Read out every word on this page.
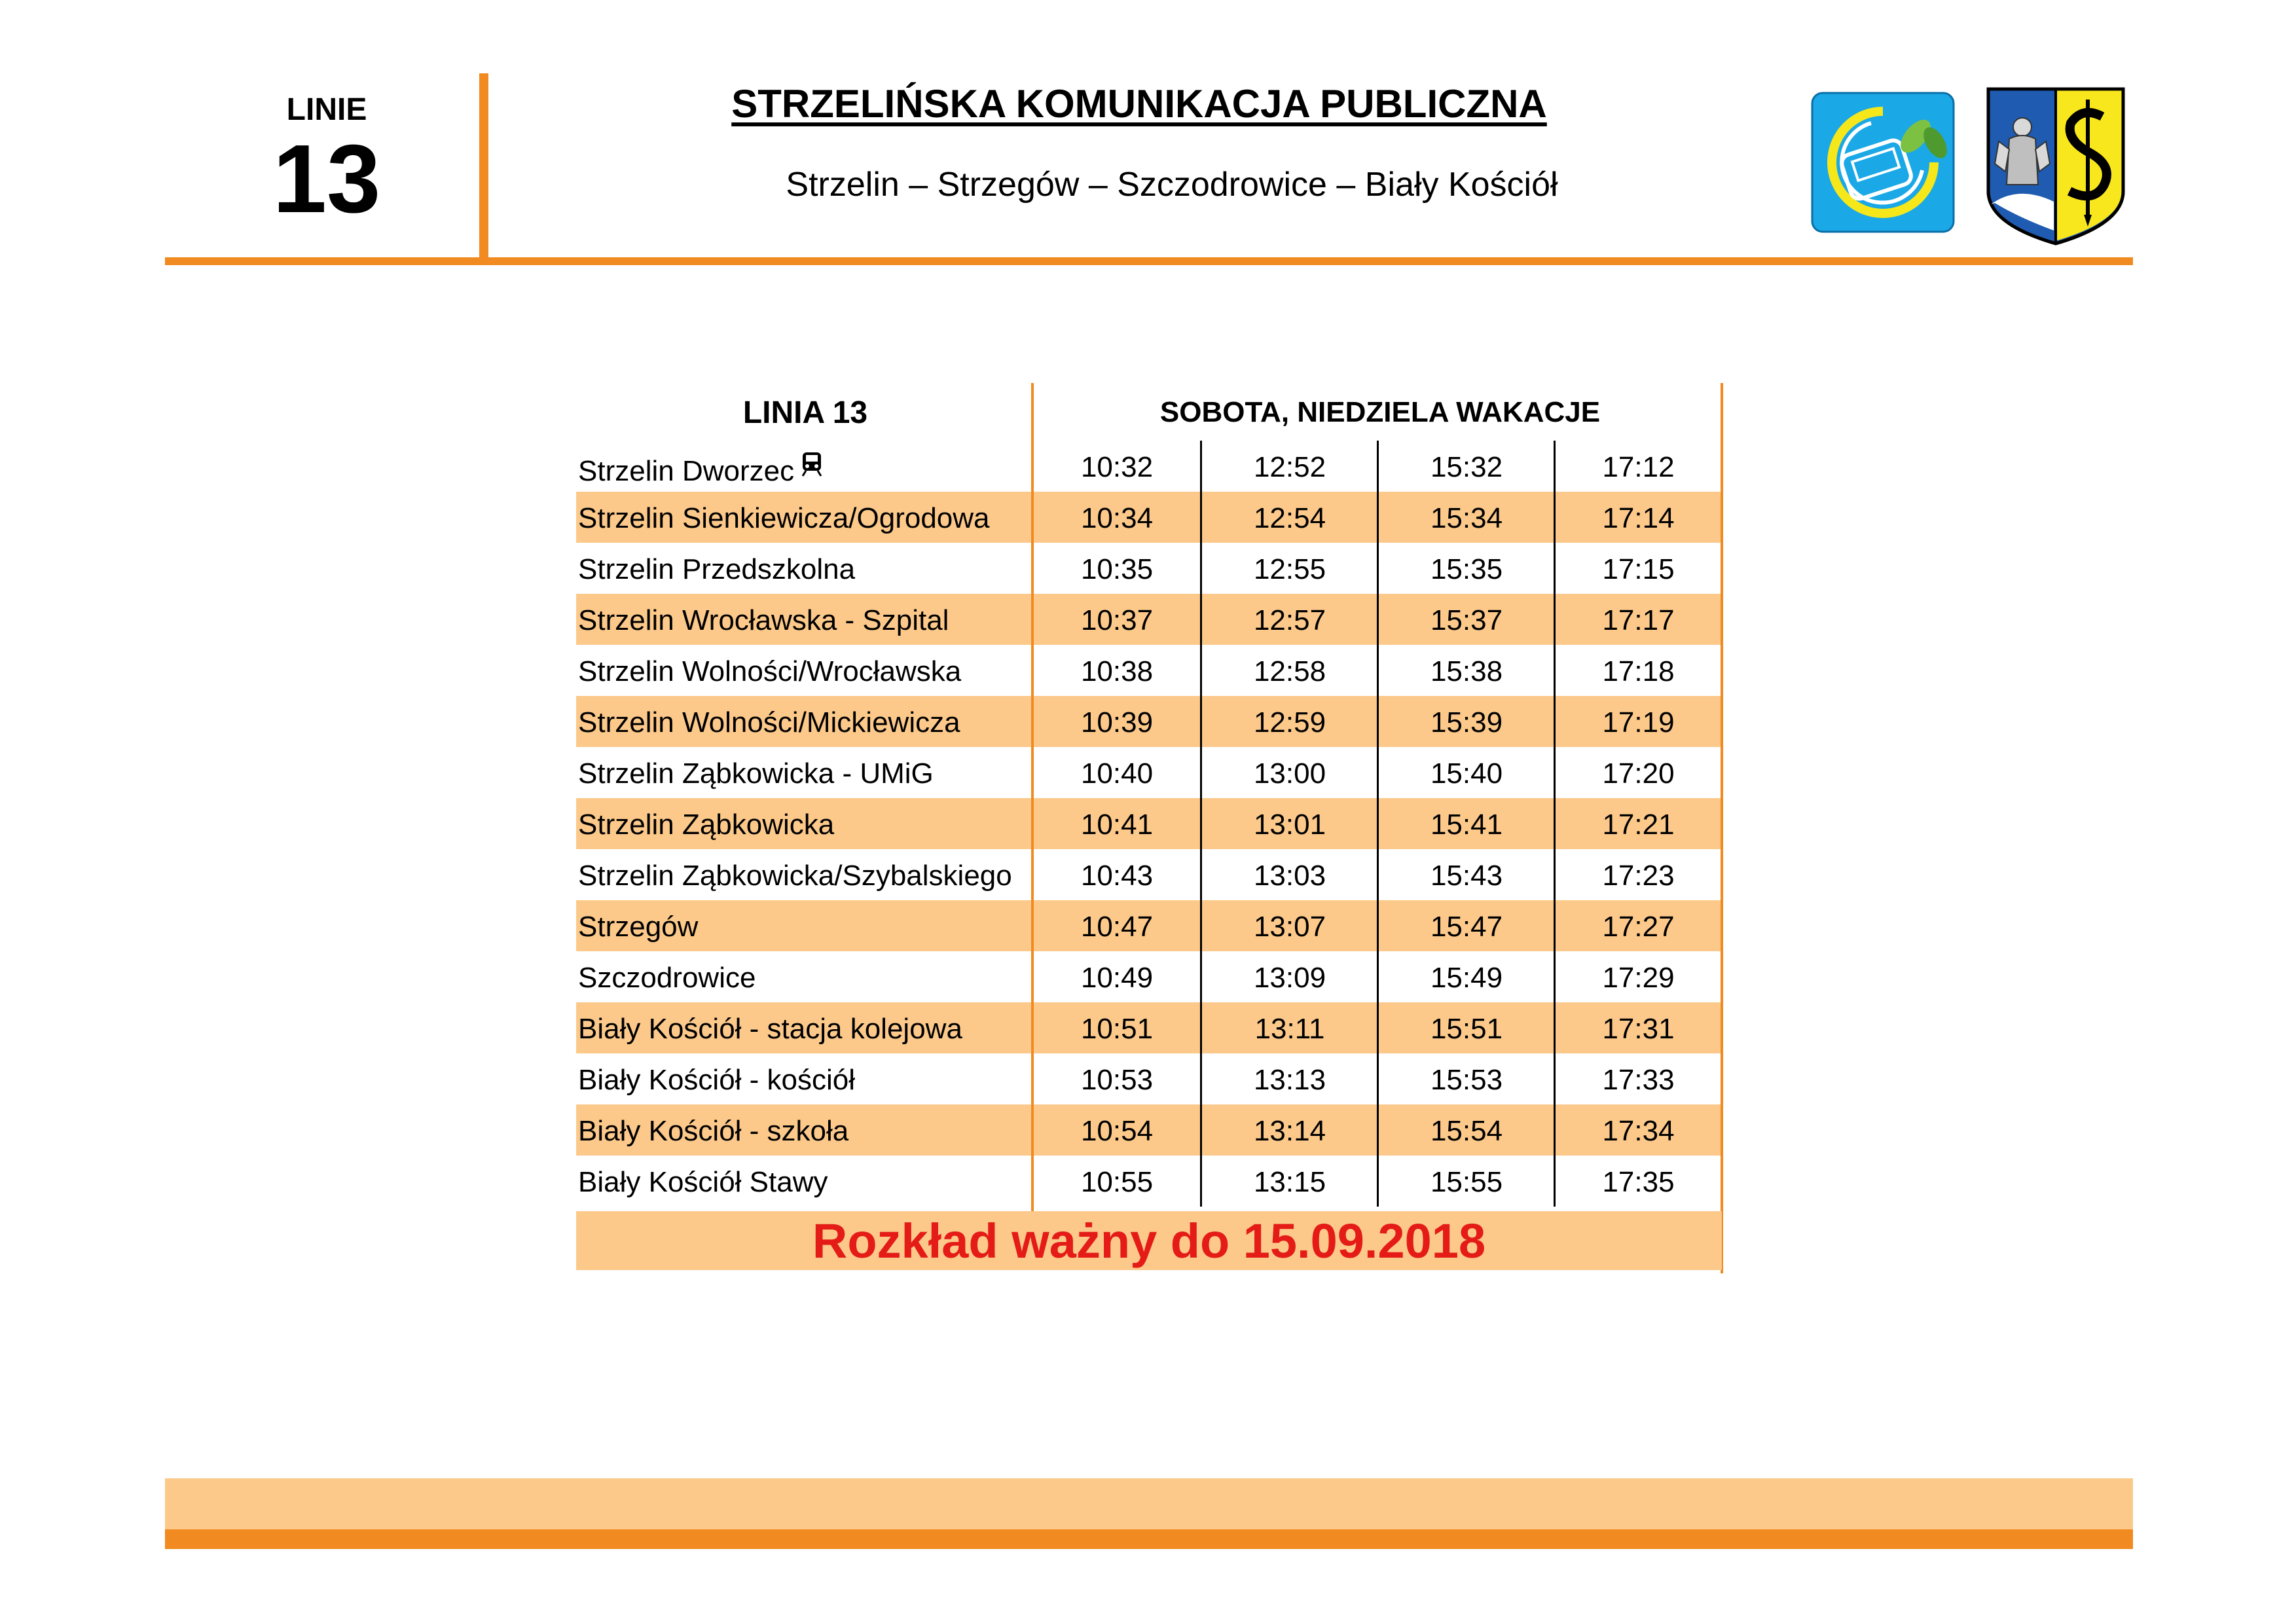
LINIE
13
STRZELIŃSKA KOMUNIKACJA PUBLICZNA
Strzelin – Strzegów – Szczodrowice – Biały Kościół
LINIA 13	SOBOTA, NIEDZIELA WAKACJE
Strzelin Dworzec	10:32	12:52	15:32	17:12
Strzelin Sienkiewicza/Ogrodowa	10:34	12:54	15:34	17:14
Strzelin Przedszkolna	10:35	12:55	15:35	17:15
Strzelin Wrocławska - Szpital	10:37	12:57	15:37	17:17
Strzelin Wolności/Wrocławska	10:38	12:58	15:38	17:18
Strzelin Wolności/Mickiewicza	10:39	12:59	15:39	17:19
Strzelin Ząbkowicka - UMiG	10:40	13:00	15:40	17:20
Strzelin Ząbkowicka	10:41	13:01	15:41	17:21
Strzelin Ząbkowicka/Szybalskiego	10:43	13:03	15:43	17:23
Strzegów	10:47	13:07	15:47	17:27
Szczodrowice	10:49	13:09	15:49	17:29
Biały Kościół - stacja kolejowa	10:51	13:11	15:51	17:31
Biały Kościół - kościół	10:53	13:13	15:53	17:33
Biały Kościół - szkoła	10:54	13:14	15:54	17:34
Biały Kościół Stawy	10:55	13:15	15:55	17:35
Rozkład ważny do 15.09.2018
